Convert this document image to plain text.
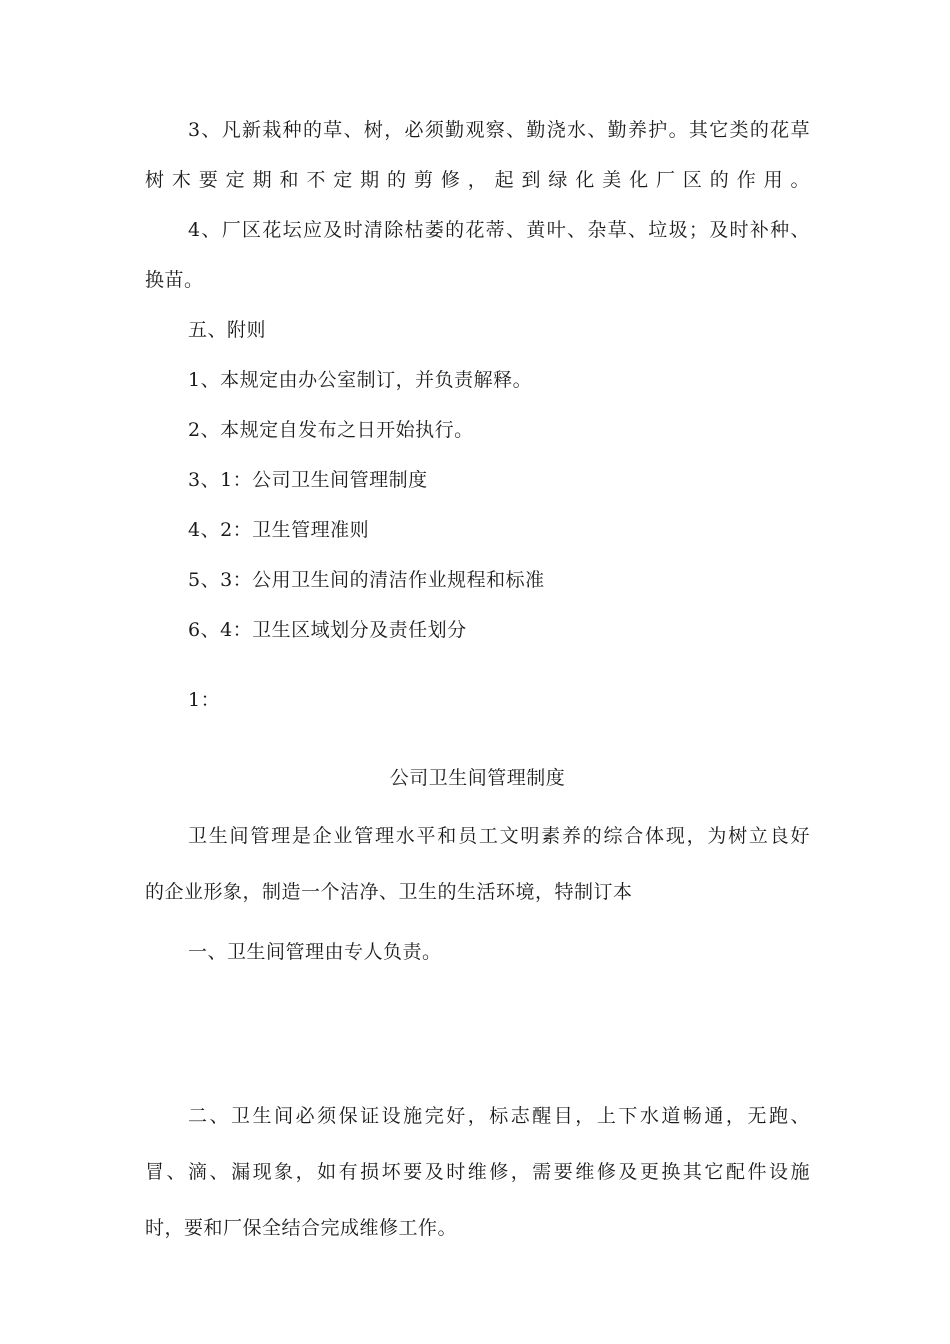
3、凡新栽种的草、树，必须勤观察、勤浇水、勤养护。其它类的花草
树木要定期和不定期的剪修，起到绿化美化厂区的作用。
4、厂区花坛应及时清除枯萎的花蒂、黄叶、杂草、垃圾；及时补种、
换苗。
五、附则
1、本规定由办公室制订，并负责解释。
2、本规定自发布之日开始执行。
3、1：公司卫生间管理制度
4、2：卫生管理准则
5、3：公用卫生间的清洁作业规程和标准
6、4：卫生区域划分及责任划分
1：
公司卫生间管理制度
卫生间管理是企业管理水平和员工文明素养的综合体现，为树立良好
的企业形象，制造一个洁净、卫生的生活环境，特制订本
一、卫生间管理由专人负责。
二、卫生间必须保证设施完好，标志醒目，上下水道畅通，无跑、
冒、滴、漏现象，如有损坏要及时维修，需要维修及更换其它配件设施
时，要和厂保全结合完成维修工作。
